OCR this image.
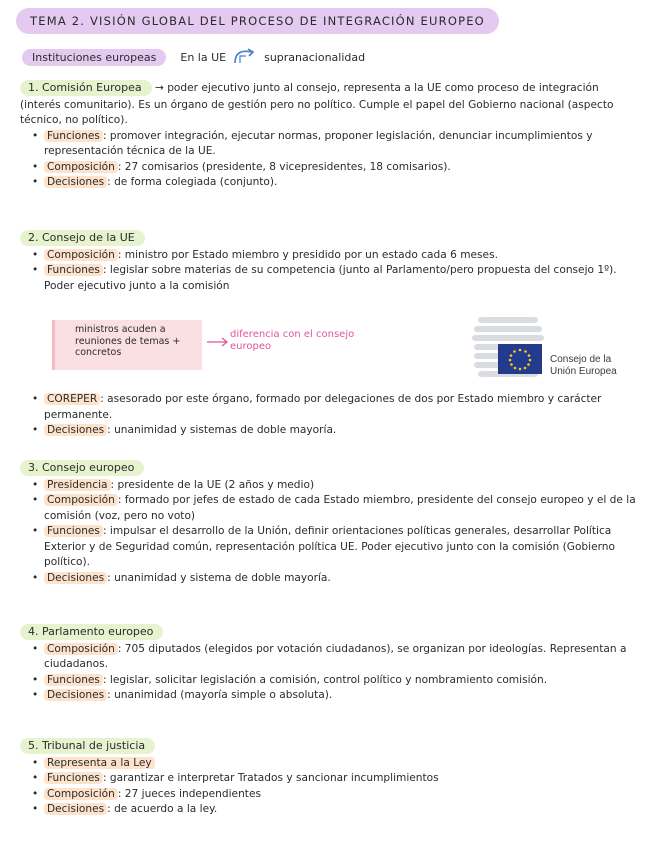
TEMA 2. VISIÓN GLOBAL DEL PROCESO DE INTEGRACIÓN EUROPEO
Instituciones europeas	En la UE	supranacionalidad
1. Comisión Europea → poder ejecutivo junto al consejo, representa a la UE como proceso de integración (interés comunitario). Es un órgano de gestión pero no político. Cumple el papel del Gobierno nacional (aspecto técnico, no político).

• Funciones : promover integración, ejecutar normas, proponer legislación, denunciar incumplimientos y representación técnica de la UE.

• Composición : 27 comisarios (presidente, 8 vicepresidentes, 18 comisarios).

• Decisiones : de forma colegiada (conjunto).

2. Consejo de la UE

• Composición : ministro por Estado miembro y presidido por un estado cada 6 meses.

• Funciones : legislar sobre materias de su competencia (junto al Parlamento/pero propuesta del consejo 1º). Poder ejecutivo junto a la comisión

ministros acuden a reuniones de temas + concretos
diferencia con el consejo europeo
Consejo de la
Unión Europea

• COREPER : asesorado por este órgano, formado por delegaciones de dos por Estado miembro y carácter permanente.

• Decisiones : unanimidad y sistemas de doble mayoría.

3. Consejo europeo

• Presidencia : presidente de la UE (2 años y medio)

• Composición : formado por jefes de estado de cada Estado miembro, presidente del consejo europeo y el de la comisión (voz, pero no voto)

• Funciones : impulsar el desarrollo de la Unión, definir orientaciones políticas generales, desarrollar Política Exterior y de Seguridad común, representación política UE. Poder ejecutivo junto con la comisión (Gobierno político).

• Decisiones : unanimidad y sistema de doble mayoría.

4. Parlamento europeo

• Composición : 705 diputados (elegidos por votación ciudadanos), se organizan por ideologías. Representan a ciudadanos.

• Funciones : legislar, solicitar legislación a comisión, control político y nombramiento comisión.

• Decisiones : unanimidad (mayoría simple o absoluta).

5. Tribunal de justicia

• Representa a la Ley

• Funciones : garantizar e interpretar Tratados y sancionar incumplimientos

• Composición : 27 jueces independientes

• Decisiones : de acuerdo a la ley.
